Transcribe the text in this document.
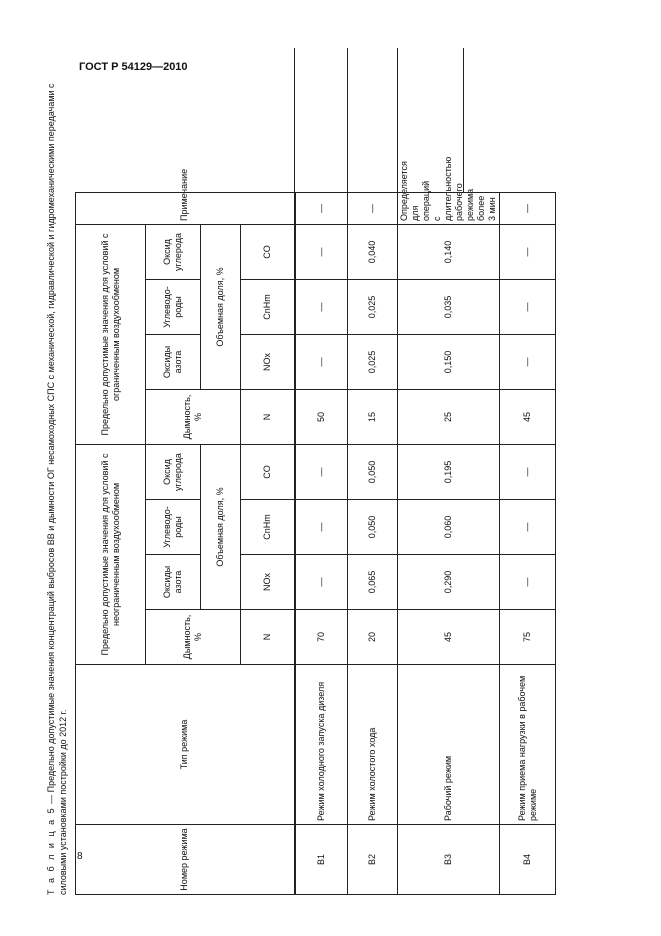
ГОСТ Р 54129—2010
8
Т а б л и ц а 5 — Предельно допустимые значения концентраций выбросов ВВ и дымности ОГ несамоходных СПС с механической, гидравлической и гидромеханическими передачами с силовыми установками постройки до 2012 г.	Номер режима	Тип режима	Предельно допустимые значения для условий с неограниченным воздухообменом				Предельно допустимые значения для условий с ограниченным воздухообменом				Примечание
		Дымность, %	Оксиды азота	Углеводо-роды	Оксид углерода	Дымность, %	Оксиды азота	Углеводо-роды	Оксид углерода	
			Объемная доля, %				Объемная доля, %			
		N	NOx	CnHm	CO	N	NOx	CnHm	CO	
В1	Режим холодного запуска дизеля	70	—	—	—	50	—	—	—	—
В2	Режим холостого хода	20	0,065	0,050	0,050	15	0,025	0,025	0,040	—
В3	Рабочий режим	45	0,290	0,060	0,195	25	0,150	0,035	0,140	Определяется для операций с длительностью рабочего режима более 3 мин
В4	Режим приема нагрузки в рабочем режиме	75	—	—	—	45	—	—	—	—
